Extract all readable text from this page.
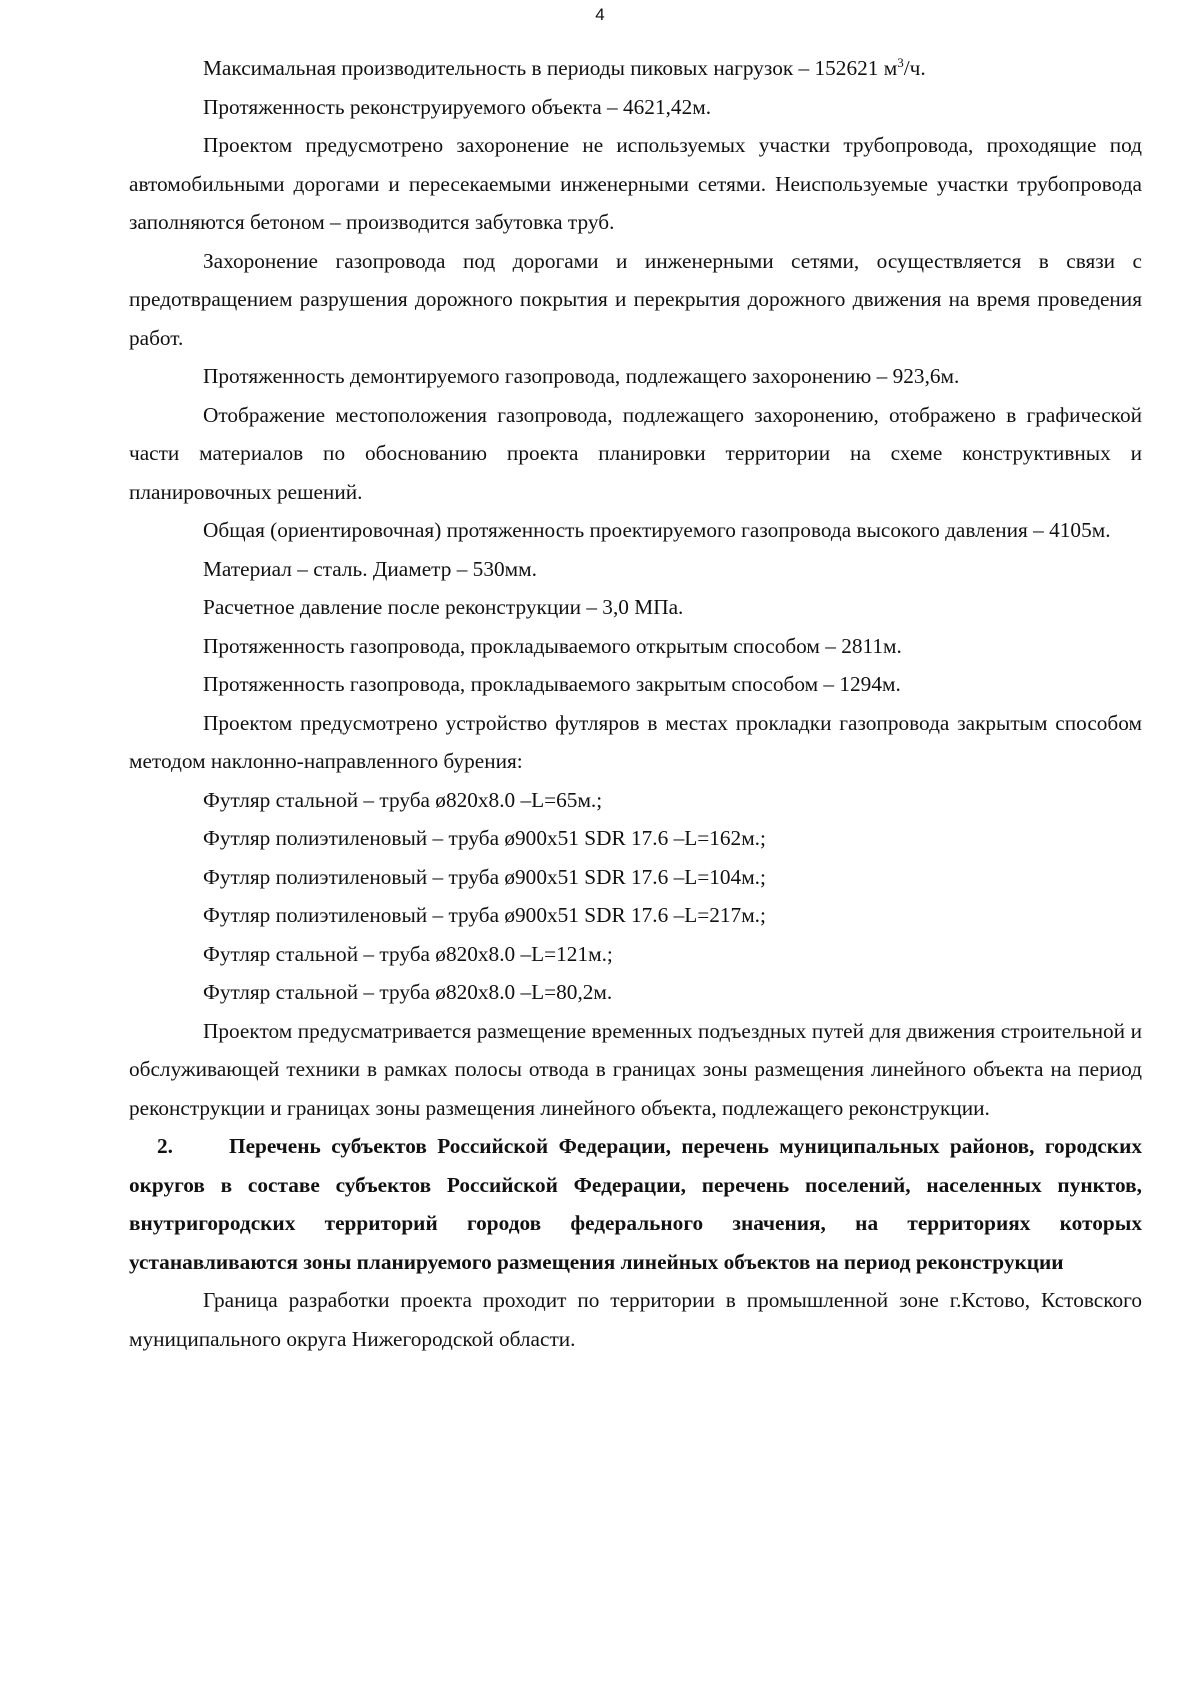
4

Максимальная производительность в периоды пиковых нагрузок – 152621 $м^3/ч$.

Протяженность реконструируемого объекта – 4621,42м.

Проектом предусмотрено захоронение не используемых участки трубопровода, проходящие под автомобильными дорогами и пересекаемыми инженерными сетями. Неиспользуемые участки трубопровода заполняются бетоном – производится забутовка труб.

Захоронение газопровода под дорогами и инженерными сетями, осуществляется в связи с предотвращением разрушения дорожного покрытия и перекрытия дорожного движения на время проведения работ.

Протяженность демонтируемого газопровода, подлежащего захоронению – 923,6м.

Отображение местоположения газопровода, подлежащего захоронению, отображено в графической части материалов по обоснованию проекта планировки территории на схеме конструктивных и планировочных решений.

Общая (ориентировочная) протяженность проектируемого газопровода высокого давления – 4105м.

Материал – сталь. Диаметр – 530мм.

Расчетное давление после реконструкции – 3,0 МПа.

Протяженность газопровода, прокладываемого открытым способом – 2811м.

Протяженность газопровода, прокладываемого закрытым способом – 1294м.

Проектом предусмотрено устройство футляров в местах прокладки газопровода закрытым способом методом наклонно-направленного бурения:

Футляр стальной – труба ø820x8.0 –L=65м.;

Футляр полиэтиленовый – труба ø900x51 SDR 17.6 –L=162м.;

Футляр полиэтиленовый – труба ø900x51 SDR 17.6 –L=104м.;

Футляр полиэтиленовый – труба ø900x51 SDR 17.6 –L=217м.;

Футляр стальной – труба ø820x8.0 –L=121м.;

Футляр стальной – труба ø820x8.0 –L=80,2м.

Проектом предусматривается размещение временных подъездных путей для движения строительной и обслуживающей техники в рамках полосы отвода в границах зоны размещения линейного объекта на период реконструкции и границах зоны размещения линейного объекта, подлежащего реконструкции.

2.	Перечень субъектов Российской Федерации, перечень муниципальных районов, городских округов в составе субъектов Российской Федерации, перечень поселений, населенных пунктов, внутригородских территорий городов федерального значения, на территориях которых устанавливаются зоны планируемого размещения линейных объектов на период реконструкции

Граница разработки проекта проходит по территории в промышленной зоне г.Кстово, Кстовского муниципального округа Нижегородской области.
